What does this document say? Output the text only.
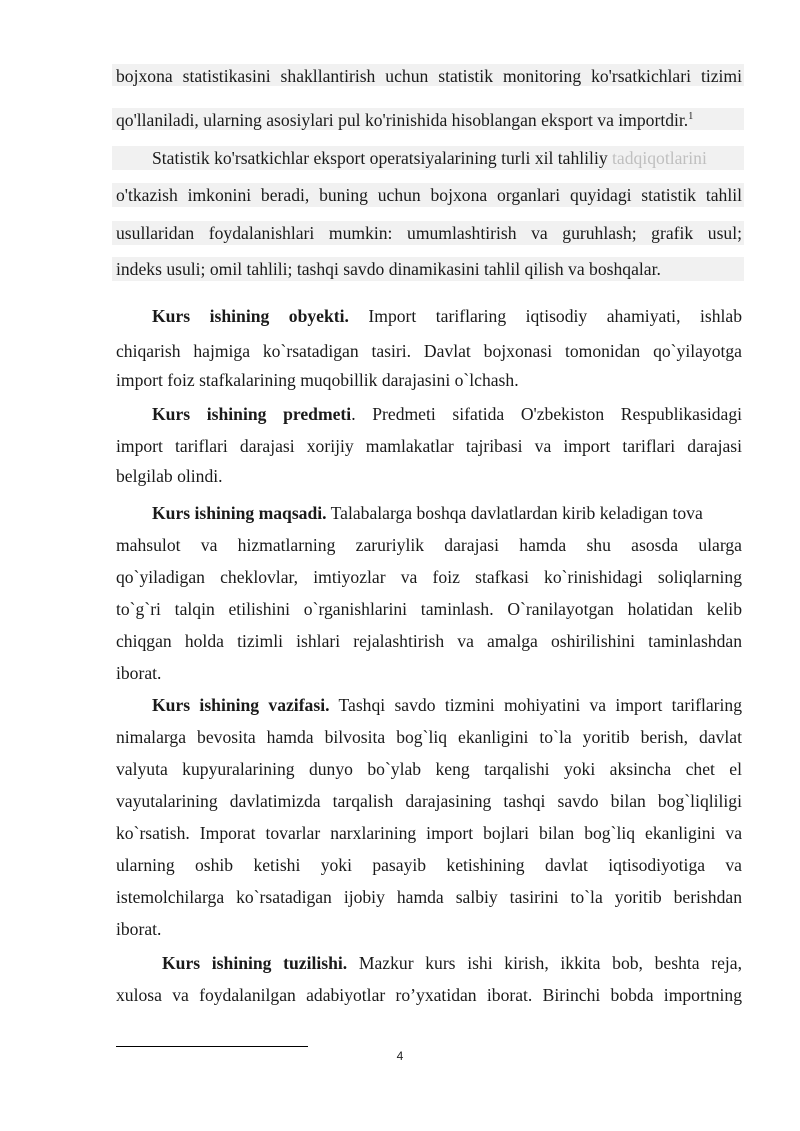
bojxona statistikasini shakllantirish uchun statistik monitoring ko'rsatkichlari tizimi
qo'llaniladi, ularning asosiylari pul ko'rinishida hisoblangan eksport va importdir.$^1$
Statistik ko'rsatkichlar eksport operatsiyalarining turli xil tahliliy tadqiqotlarini
o'tkazish imkonini beradi, buning uchun bojxona organlari quyidagi statistik tahlil
usullaridan foydalanishlari mumkin: umumlashtirish va guruhlash; grafik usul;
indeks usuli; omil tahlili; tashqi savdo dinamikasini tahlil qilish va boshqalar.
Kurs ishining obyekti. Import tariflaring iqtisodiy ahamiyati, ishlab
chiqarish hajmiga ko`rsatadigan tasiri. Davlat bojxonasi tomonidan qo`yilayotga
import foiz stafkalarining muqobillik darajasini o`lchash.
Kurs ishining predmeti. Predmeti sifatida O'zbekiston Respublikasidagi
import tariflari darajasi xorijiy mamlakatlar tajribasi va import tariflari darajasi
belgilab olindi.
Kurs ishining maqsadi. Talabalarga boshqa davlatlardan kirib keladigan tova
mahsulot va hizmatlarning zaruriylik darajasi hamda shu asosda ularga
qo`yiladigan cheklovlar, imtiyozlar va foiz stafkasi ko`rinishidagi soliqlarning
to`g`ri talqin etilishini o`rganishlarini taminlash. O`ranilayotgan holatidan kelib
chiqgan holda tizimli ishlari rejalashtirish va amalga oshirilishini taminlashdan
iborat.
Kurs ishining vazifasi. Tashqi savdo tizmini mohiyatini va import tariflaring
nimalarga bevosita hamda bilvosita bog`liq ekanligini to`la yoritib berish, davlat
valyuta kupyuralarining dunyo bo`ylab keng tarqalishi yoki aksincha chet el
vayutalarining davlatimizda tarqalish darajasining tashqi savdo bilan bog`liqliligi
ko`rsatish. Imporat tovarlar narxlarining import bojlari bilan bog`liq ekanligini va
ularning oshib ketishi yoki pasayib ketishining davlat iqtisodiyotiga va
istemolchilarga ko`rsatadigan ijobiy hamda salbiy tasirini to`la yoritib berishdan
iborat.
Kurs ishining tuzilishi. Mazkur kurs ishi kirish, ikkita bob, beshta reja,
xulosa va foydalanilgan adabiyotlar ro’yxatidan iborat. Birinchi bobda importning
4
